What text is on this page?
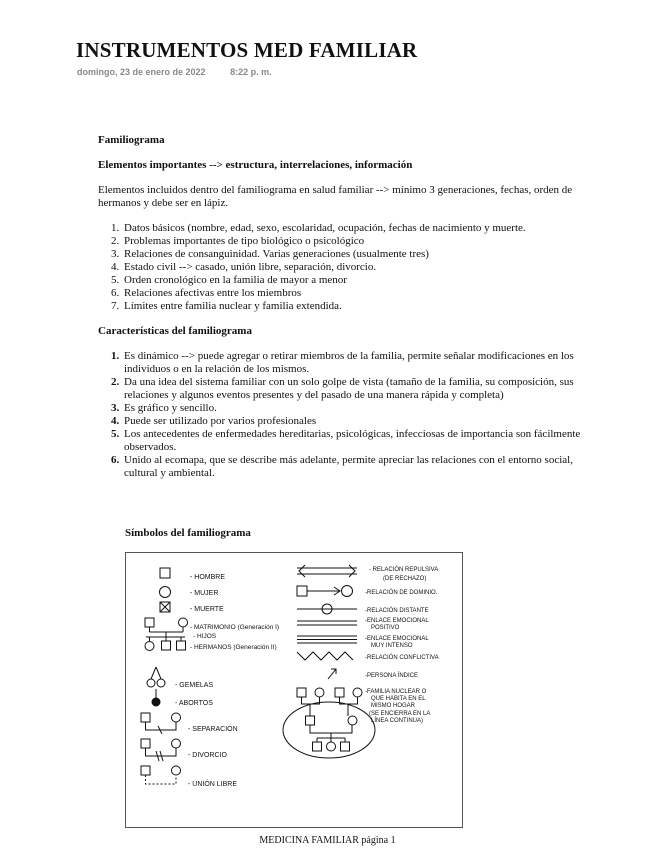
INSTRUMENTOS MED FAMILIAR
domingo, 23 de enero de 2022	8:22 p. m.

Familiograma

Elementos importantes --> estructura, interrelaciones, información

Elementos incluidos dentro del familiograma en salud familiar --> mínimo 3 generaciones, fechas, orden de hermanos y debe ser en lápiz.

1. Datos básicos (nombre, edad, sexo, escolaridad, ocupación, fechas de nacimiento y muerte.
2. Problemas importantes de tipo biológico o psicológico
3. Relaciones de consanguinidad. Varias generaciones (usualmente tres)
4. Estado civil --> casado, unión libre, separación, divorcio.
5. Orden cronológico en la familia de mayor a menor
6. Relaciones afectivas entre los miembros
7. Límites entre familia nuclear y familia extendida.

Características del familiograma

1. Es dinámico --> puede agregar o retirar miembros de la familia, permite señalar modificaciones en los individuos o en la relación de los mismos.
2. Da una idea del sistema familiar con un solo golpe de vista (tamaño de la familia, su composición, sus relaciones y algunos eventos presentes y del pasado de una manera rápida y completa)
3. Es gráfico y sencillo.
4. Puede ser utilizado por varios profesionales
5. Los antecedentes de enfermedades hereditarias, psicológicas, infecciosas de importancia son fácilmente observados.
6. Unido al ecomapa, que se describe más adelante, permite apreciar las relaciones con el entorno social, cultural y ambiental.
Símbolos del familiograma
- HOMBRE
- MUJER
- MUERTE
- MATRIMONIO (Generación I)
- HIJOS
- HERMANOS (Generación II)
- GEMELAS
- ABORTOS
- SEPARACIÓN
- DIVORCIO
- UNIÓN LIBRE
- RELACIÓN REPULSIVA
(DE RECHAZO)
-RELACIÓN DE DOMINIO.
-RELACIÓN DISTANTE
-ENLACE EMOCIONAL
POSITIVO
-ENLACE EMOCIONAL
MUY INTENSO
-RELACIÓN CONFLICTIVA
-PERSONA ÍNDICE
-FAMILIA NUCLEAR O
QUE HABITA EN EL
MISMO HOGAR
(SE ENCIERRA EN LA
LÍNEA CONTINUA)
MEDICINA FAMILIAR página 1
